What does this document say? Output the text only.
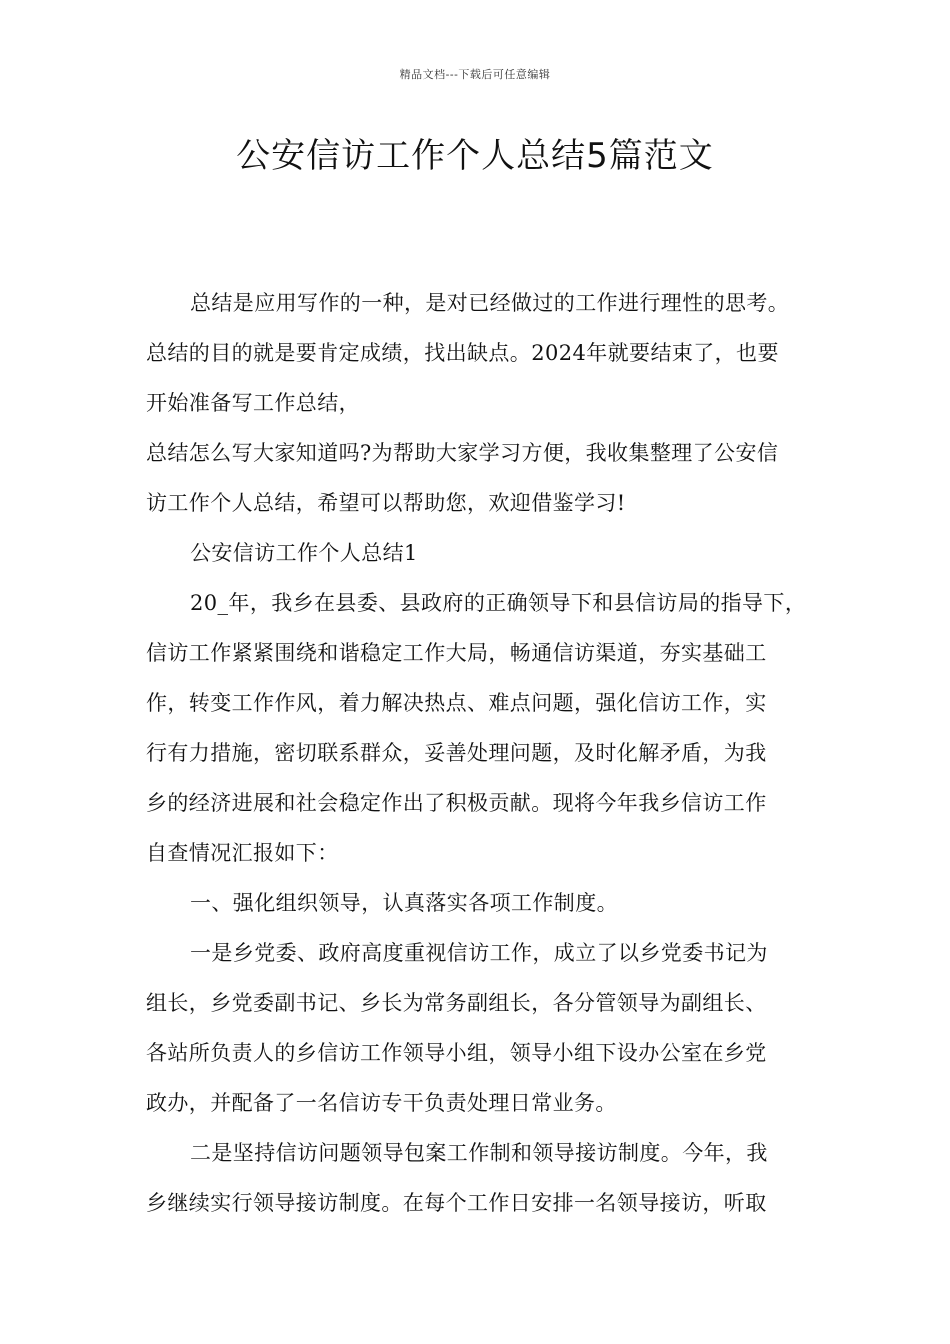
精品文档---下载后可任意编辑
公安信访工作个人总结5篇范文
总结是应用写作的一种，是对已经做过的工作进行理性的思考。
总结的目的就是要肯定成绩，找出缺点。2024年就要结束了，也要
开始准备写工作总结，
总结怎么写大家知道吗?为帮助大家学习方便，我收集整理了公安信
访工作个人总结，希望可以帮助您，欢迎借鉴学习!
公安信访工作个人总结1
20_年，我乡在县委、县政府的正确领导下和县信访局的指导下，
信访工作紧紧围绕和谐稳定工作大局，畅通信访渠道，夯实基础工
作，转变工作作风，着力解决热点、难点问题，强化信访工作，实
行有力措施，密切联系群众，妥善处理问题，及时化解矛盾，为我
乡的经济进展和社会稳定作出了积极贡献。现将今年我乡信访工作
自查情况汇报如下：
一、强化组织领导，认真落实各项工作制度。
一是乡党委、政府高度重视信访工作，成立了以乡党委书记为
组长，乡党委副书记、乡长为常务副组长，各分管领导为副组长、
各站所负责人的乡信访工作领导小组，领导小组下设办公室在乡党
政办，并配备了一名信访专干负责处理日常业务。
二是坚持信访问题领导包案工作制和领导接访制度。今年，我
乡继续实行领导接访制度。在每个工作日安排一名领导接访，听取
